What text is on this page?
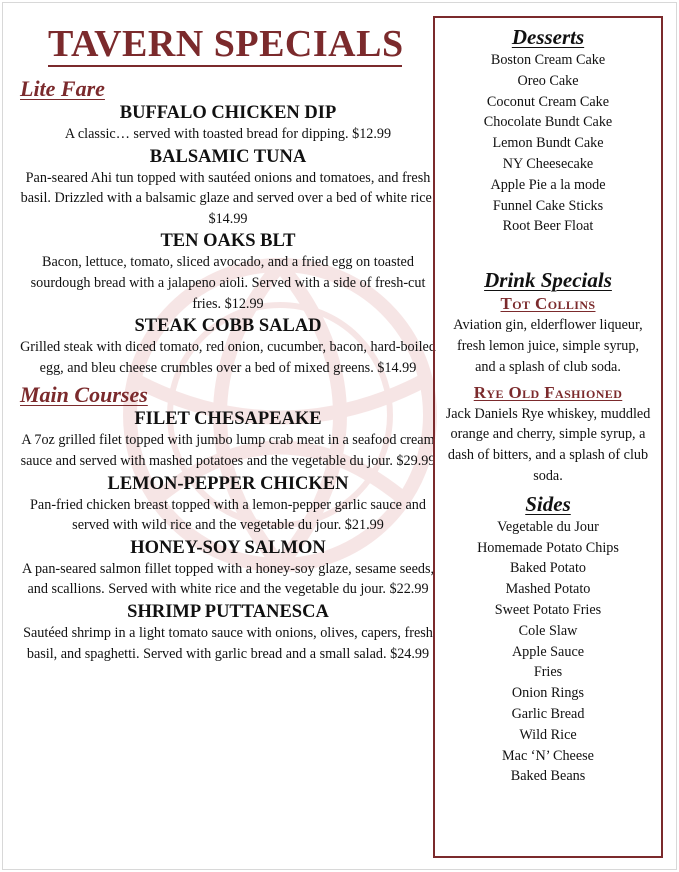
TAVERN SPECIALS
Lite Fare

BUFFALO CHICKEN DIP

A classic… served with toasted bread for dipping. $12.99

BALSAMIC TUNA

Pan-seared Ahi tun topped with sautéed onions and tomatoes, and fresh basil. Drizzled with a balsamic glaze and served over a bed of white rice. $14.99

TEN OAKS BLT

Bacon, lettuce, tomato, sliced avocado, and a fried egg on toasted sourdough bread with a jalapeno aioli. Served with a side of fresh-cut fries. $12.99

STEAK COBB SALAD

Grilled steak with diced tomato, red onion, cucumber, bacon, hard-boiled egg, and bleu cheese crumbles over a bed of mixed greens. $14.99

Main Courses

FILET CHESAPEAKE

A 7oz grilled filet topped with jumbo lump crab meat in a seafood cream sauce and served with mashed potatoes and the vegetable du jour. $29.99

LEMON-PEPPER CHICKEN

Pan-fried chicken breast topped with a lemon-pepper garlic sauce and served with wild rice and the vegetable du jour. $21.99

HONEY-SOY SALMON

A pan-seared salmon fillet topped with a honey-soy glaze, sesame seeds, and scallions. Served with white rice and the vegetable du jour. $22.99

SHRIMP PUTTANESCA

Sautéed shrimp in a light tomato sauce with onions, olives, capers, fresh basil, and spaghetti. Served with garlic bread and a small salad. $24.99

Desserts

Boston Cream Cake

Oreo Cake

Coconut Cream Cake

Chocolate Bundt Cake

Lemon Bundt Cake

NY Cheesecake

Apple Pie a la mode

Funnel Cake Sticks

Root Beer Float

Drink Specials

Tot Collins

Aviation gin, elderflower liqueur, fresh lemon juice, simple syrup, and a splash of club soda.

Rye Old Fashioned

Jack Daniels Rye whiskey, muddled orange and cherry, simple syrup, a dash of bitters, and a splash of club soda.

Sides

Vegetable du Jour

Homemade Potato Chips

Baked Potato

Mashed Potato

Sweet Potato Fries

Cole Slaw

Apple Sauce

Fries

Onion Rings

Garlic Bread

Wild Rice

Mac ‘N’ Cheese

Baked Beans
